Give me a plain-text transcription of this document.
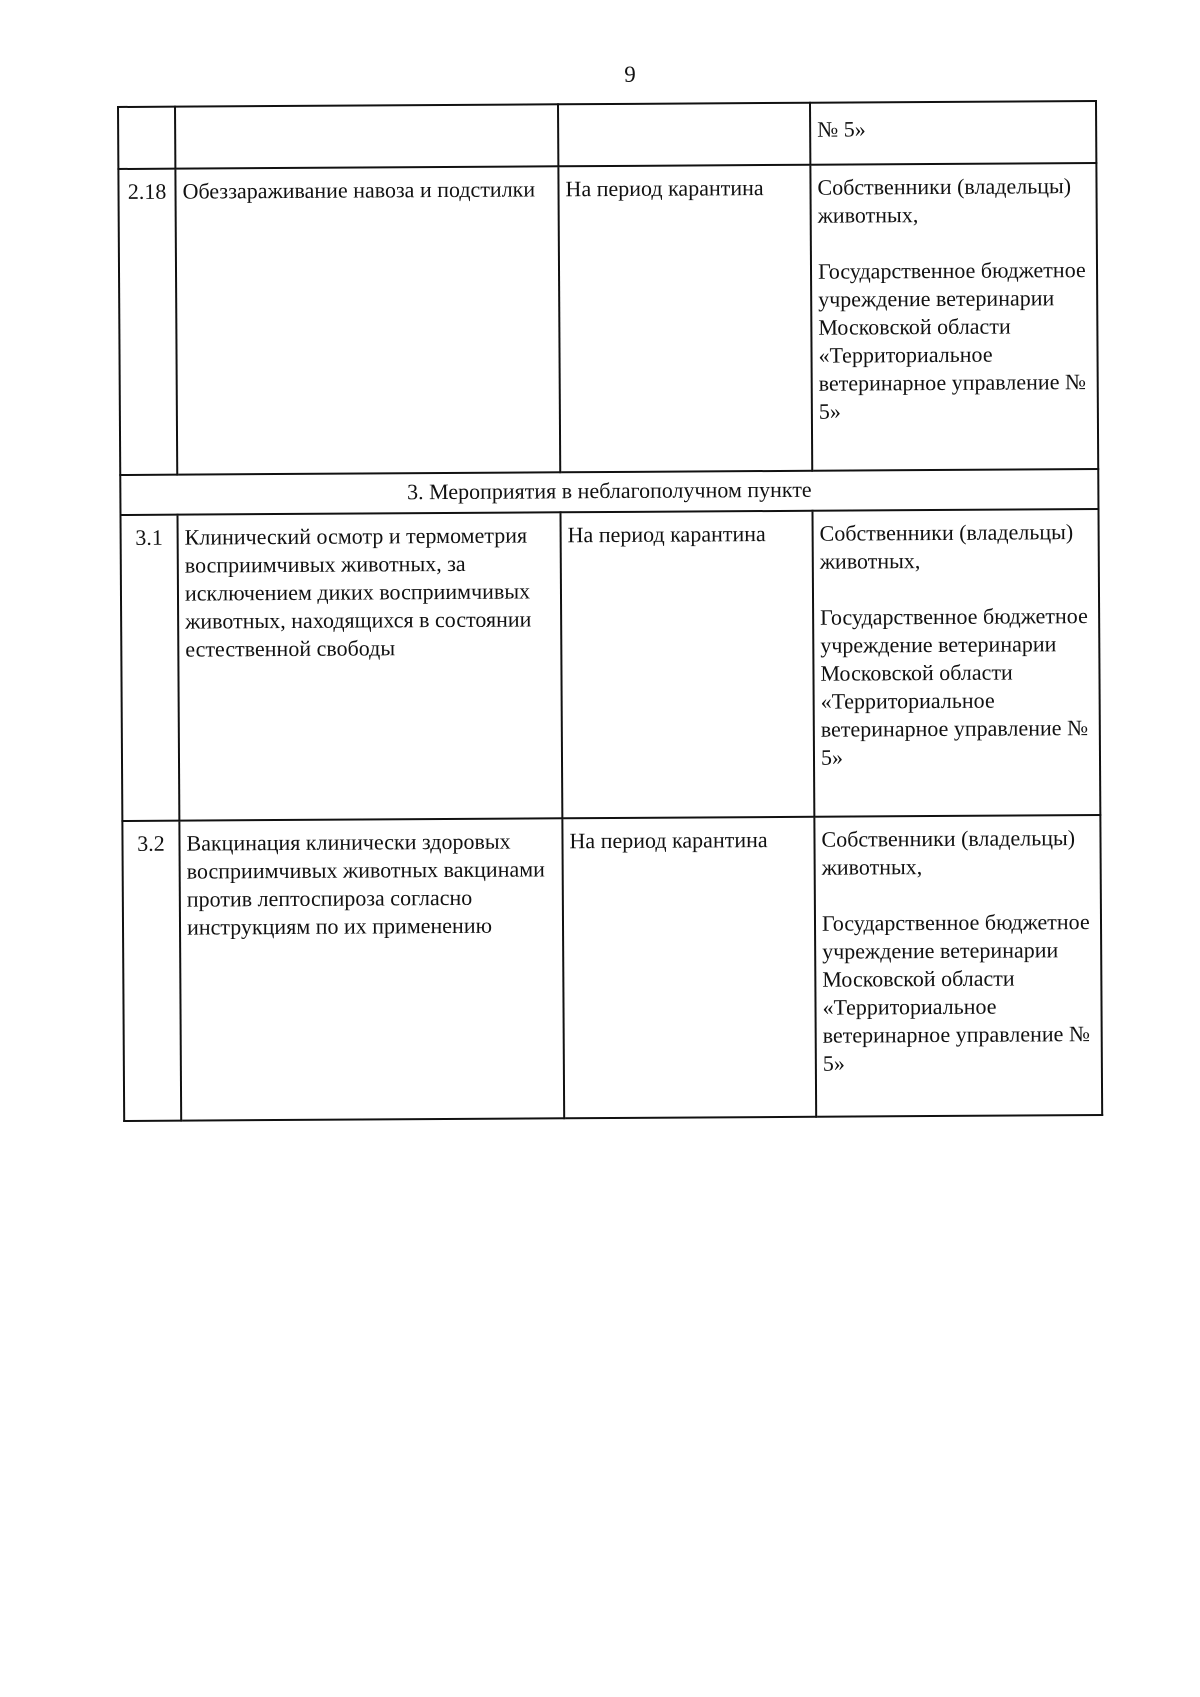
9
			№ 5»
2.18	Обеззараживание навоза и подстилки	На период карантина	Собственники (владельцы) животных,
Государственное бюджетное учреждение ветеринарии Московской области «Территориальное ветеринарное управление № 5»

3. Мероприятия в неблагополучном пункте			
3.1	Клинический осмотр и термометрия восприимчивых животных, за исключением диких восприимчивых животных, находящихся в состоянии естественной свободы	На период карантина	Собственники (владельцы) животных,
Государственное бюджетное учреждение ветеринарии Московской области «Территориальное ветеринарное управление № 5»

3.2	Вакцинация клинически здоровых восприимчивых животных вакцинами против лептоспироза согласно инструкциям по их применению	На период карантина	Собственники (владельцы) животных,
Государственное бюджетное учреждение ветеринарии Московской области «Территориальное ветеринарное управление № 5»
